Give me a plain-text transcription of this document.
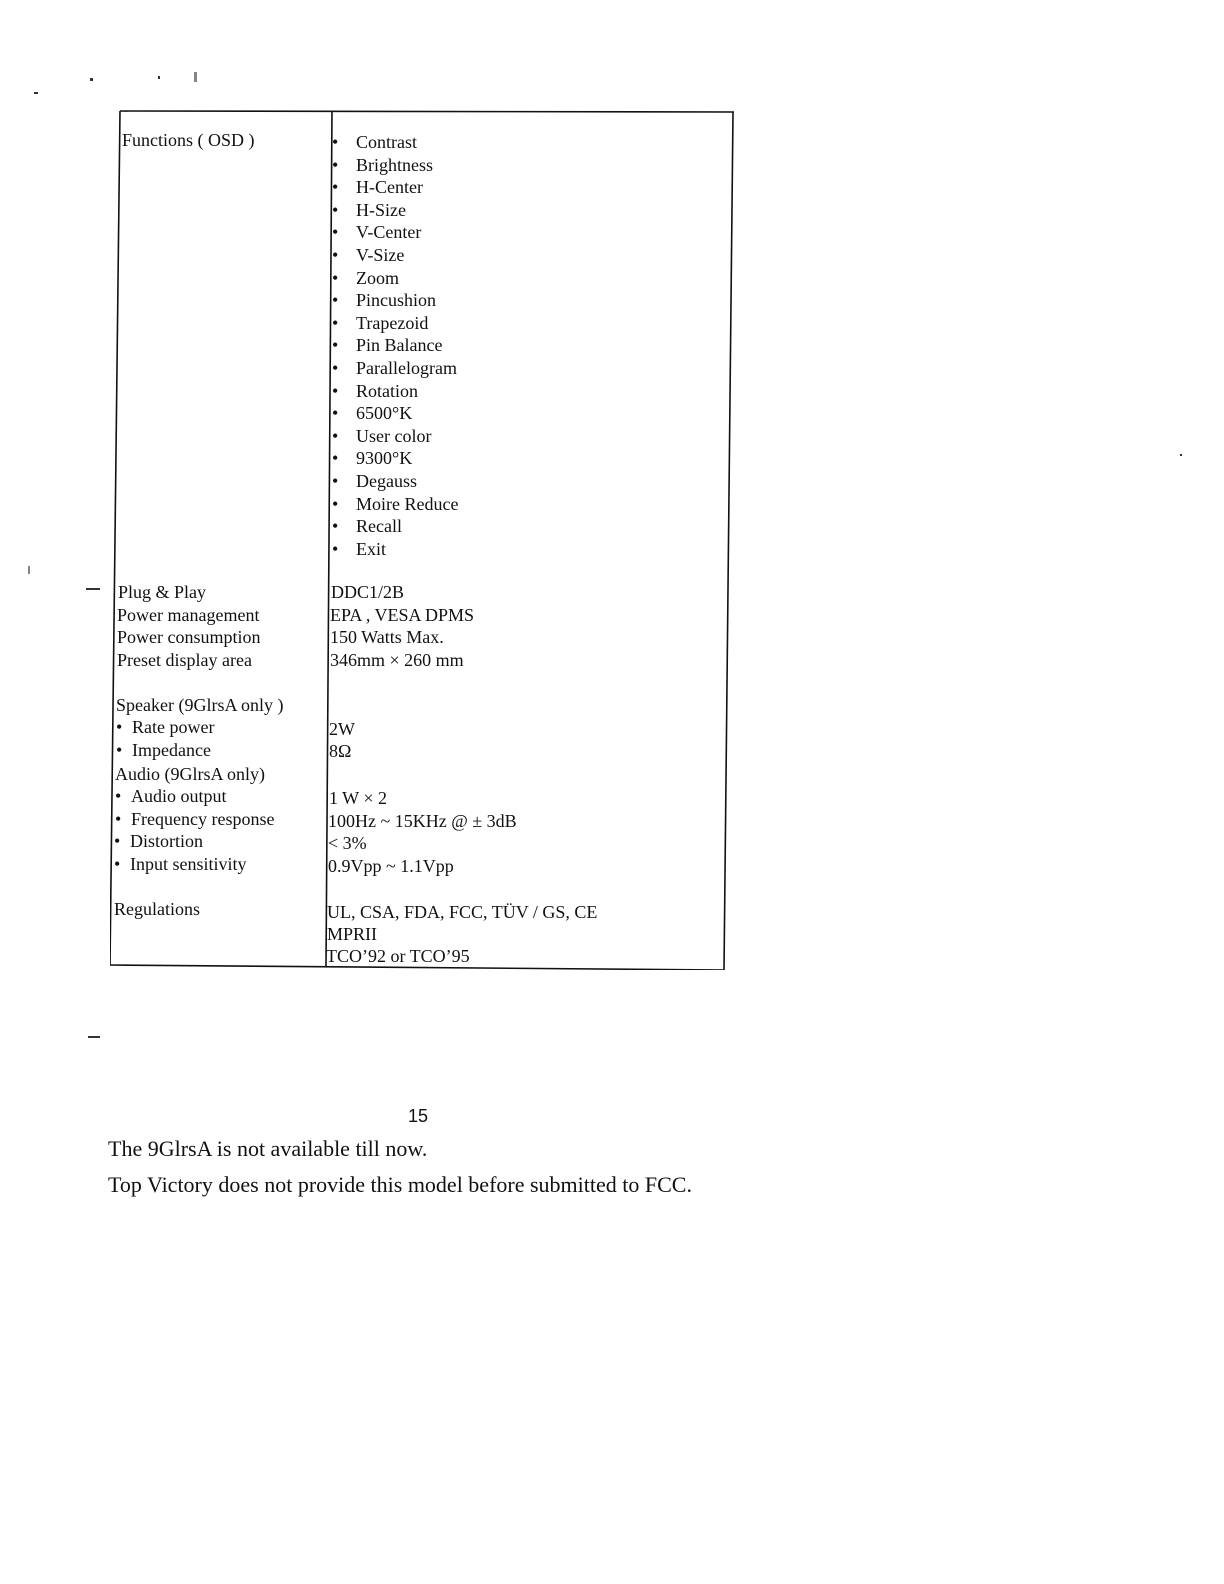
Functions ( OSD )	• Contrast
• Brightness
• H-Center
• H-Size
• V-Center
• V-Size
• Zoom
• Pincushion
• Trapezoid
• Pin Balance
• Parallelogram
• Rotation
• 6500°K
• User color
• 9300°K
• Degauss
• Moire Reduce
• Recall
• Exit
Plug & Play	DDC1/2B
Power management	EPA , VESA DPMS
Power consumption	150 Watts Max.
Preset display area	346mm × 260 mm
Speaker (9GlrsA only )
• Rate power	2W
• Impedance	8Ω
Audio (9GlrsA only)
• Audio output	1 W × 2
• Frequency response	100Hz ~ 15KHz @ ± 3dB
• Distortion	< 3%
• Input sensitivity	0.9Vpp ~ 1.1Vpp
Regulations	UL, CSA, FDA, FCC, TÜV / GS, CE
MPRII
TCO’92 or TCO’95
15
The 9GlrsA is not available till now.
Top Victory does not provide this model before submitted to FCC.
